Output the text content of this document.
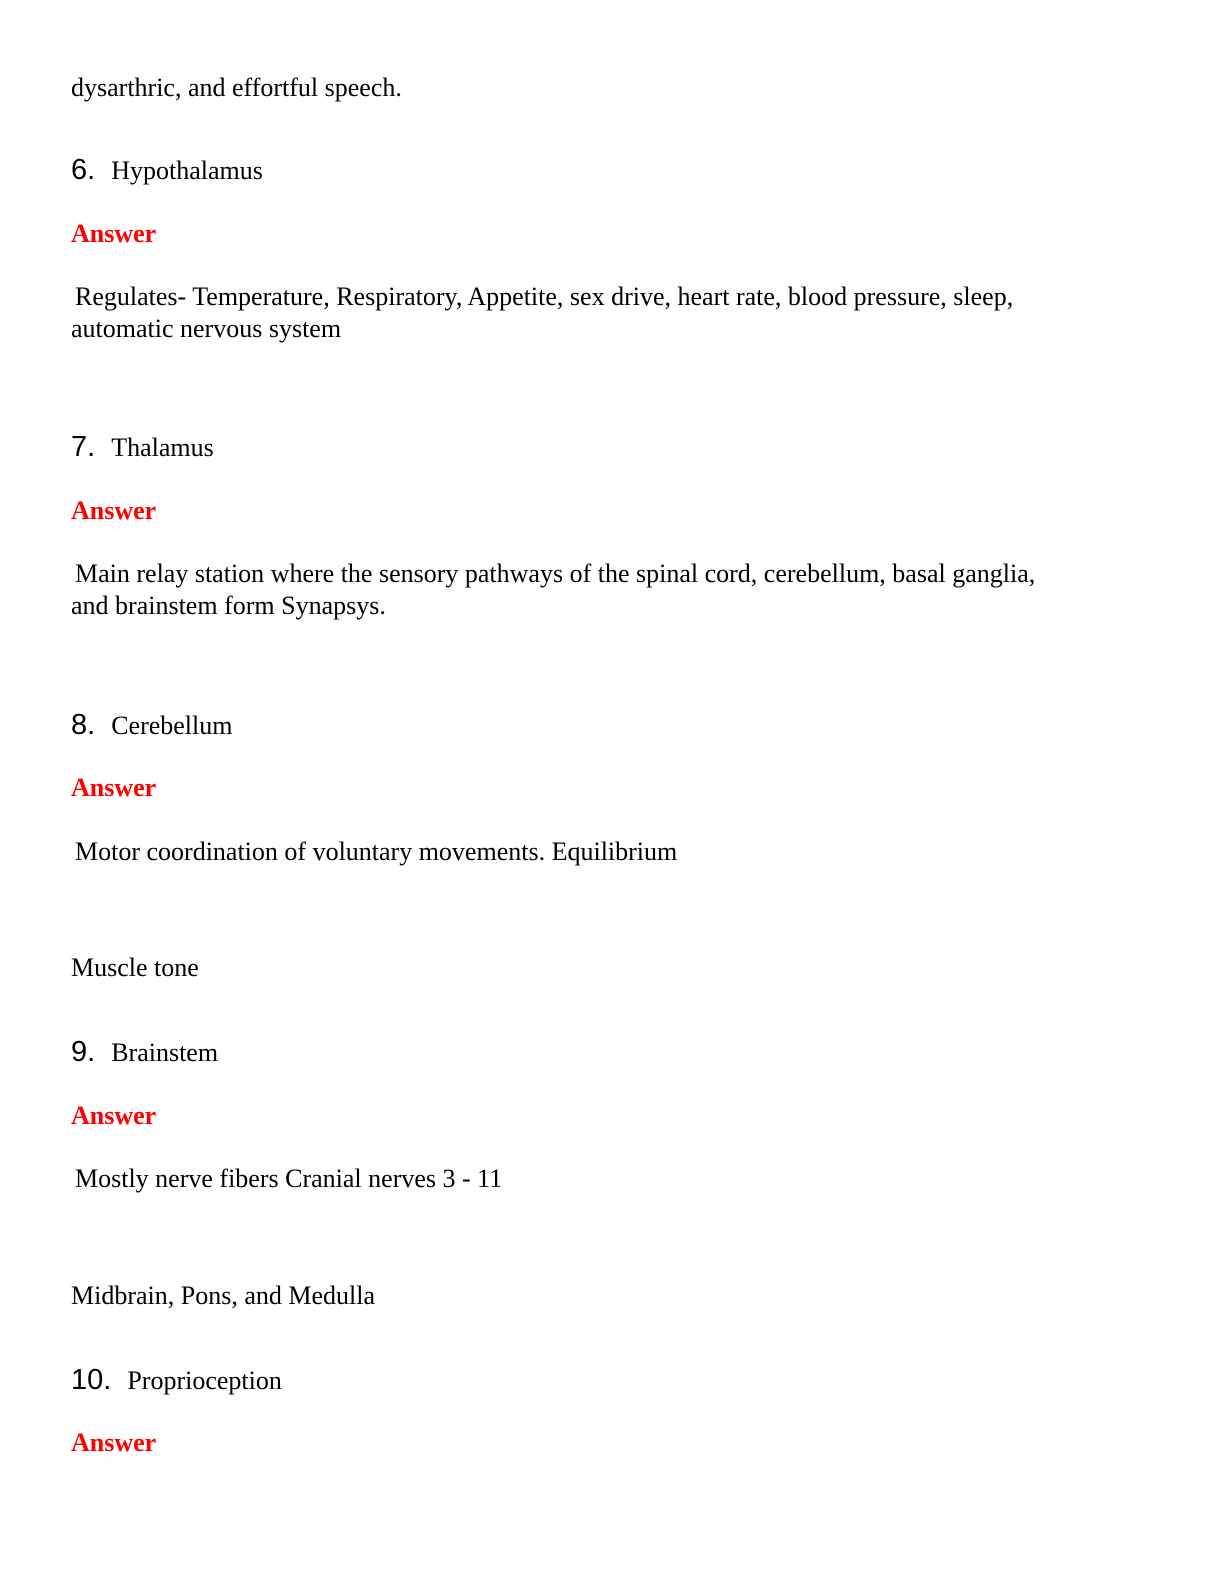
dysarthric, and effortful speech.

6. Hypothalamus

Answer

Regulates- Temperature, Respiratory, Appetite, sex drive, heart rate, blood pressure, sleep,

automatic nervous system

7. Thalamus

Answer

Main relay station where the sensory pathways of the spinal cord, cerebellum, basal ganglia,

and brainstem form Synapsys.

8. Cerebellum

Answer

Motor coordination of voluntary movements. Equilibrium

Muscle tone

9. Brainstem

Answer

Mostly nerve fibers Cranial nerves 3 - 11

Midbrain, Pons, and Medulla

10. Proprioception

Answer
